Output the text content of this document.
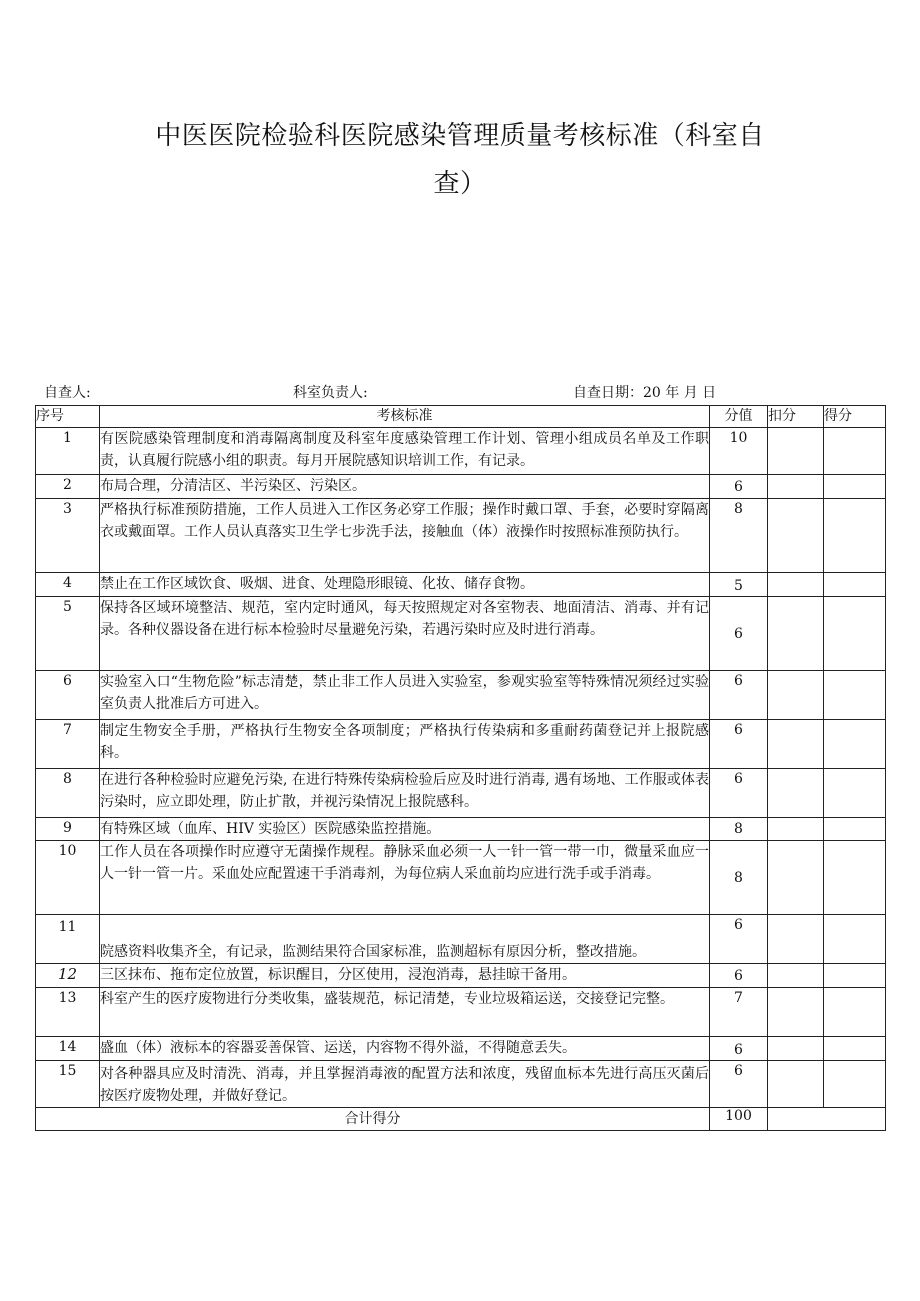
中医医院检验科医院感染管理质量考核标准（科室自
查）
自查人:	科室负责人:	自查日期：20 年 月 日
序号	考核标准	分值	扣分	得分
1	有医院感染管理制度和消毒隔离制度及科室年度感染管理工作计划、管理小组成员名单及工作职责，认真履行院感小组的职责。每月开展院感知识培训工作，有记录。	10		
2	布局合理，分清洁区、半污染区、污染区。	6		
3	严格执行标准预防措施，工作人员进入工作区务必穿工作服；操作时戴口罩、手套，必要时穿隔离衣或戴面罩。工作人员认真落实卫生学七步洗手法，接触血（体）液操作时按照标准预防执行。	8		
4	禁止在工作区域饮食、吸烟、进食、处理隐形眼镜、化妆、储存食物。	5		
5	保持各区域环境整洁、规范，室内定时通风，每天按照规定对各室物表、地面清洁、消毒、并有记录。各种仪器设备在进行标本检验时尽量避免污染，若遇污染时应及时进行消毒。	6		
6	实验室入口“生物危险”标志清楚，禁止非工作人员进入实验室，参观实验室等特殊情况须经过实验室负责人批准后方可进入。	6		
7	制定生物安全手册，严格执行生物安全各项制度；严格执行传染病和多重耐药菌登记并上报院感科。	6		
8	在进行各种检验时应避免污染, 在进行特殊传染病检验后应及时进行消毒, 遇有场地、工作服或体表污染时，应立即处理，防止扩散，并视污染情况上报院感科。	6		
9	有特殊区域（血库、HIV 实验区）医院感染监控措施。	8		
10	工作人员在各项操作时应遵守无菌操作规程。静脉采血必须一人一针一管一带一巾，微量采血应一人一针一管一片。采血处应配置速干手消毒剂，为每位病人采血前均应进行洗手或手消毒。	8		
11	院感资料收集齐全，有记录，监测结果符合国家标准，监测超标有原因分析，整改措施。	6		
12	三区抹布、拖布定位放置，标识醒目，分区使用，浸泡消毒，悬挂晾干备用。	6		
13	科室产生的医疗废物进行分类收集，盛装规范，标记清楚，专业垃圾箱运送，交接登记完整。	7		
14	盛血（体）液标本的容器妥善保管、运送，内容物不得外溢，不得随意丢失。	6		
15	对各种器具应及时清洗、消毒，并且掌握消毒液的配置方法和浓度，残留血标本先进行高压灭菌后按医疗废物处理，并做好登记。	6		
合计得分		100		
